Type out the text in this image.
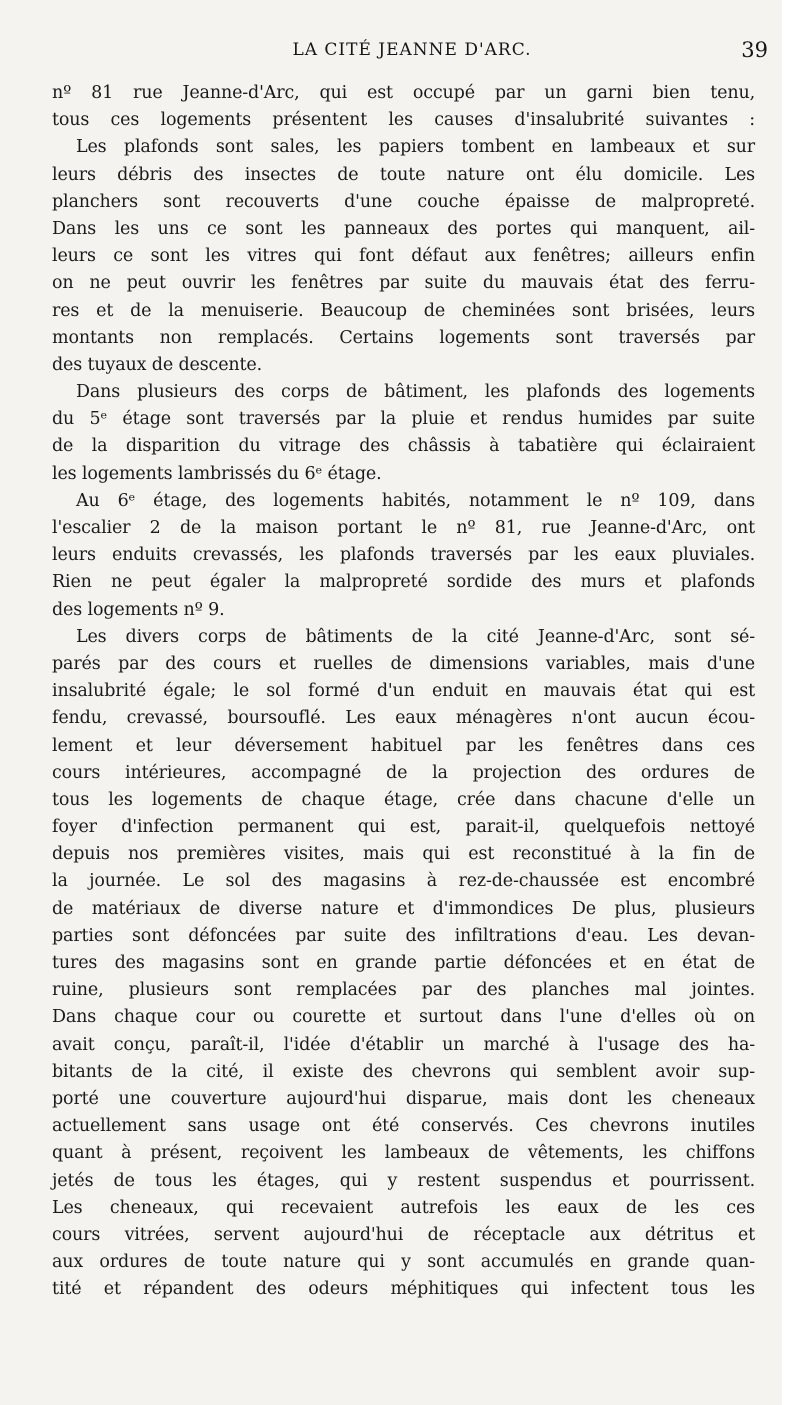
LA CITÉ JEANNE D'ARC.	39
nº 81 rue Jeanne-d'Arc, qui est occupé par un garni bien tenu,
tous ces logements présentent les causes d'insalubrité suivantes :
Les plafonds sont sales, les papiers tombent en lambeaux et sur
leurs débris des insectes de toute nature ont élu domicile. Les
planchers sont recouverts d'une couche épaisse de malpropreté.
Dans les uns ce sont les panneaux des portes qui manquent, ail-
leurs ce sont les vitres qui font défaut aux fenêtres; ailleurs enfin
on ne peut ouvrir les fenêtres par suite du mauvais état des ferru-
res et de la menuiserie. Beaucoup de cheminées sont brisées, leurs
montants non remplacés. Certains logements sont traversés par
des tuyaux de descente.
Dans plusieurs des corps de bâtiment, les plafonds des logements
du 5ᵉ étage sont traversés par la pluie et rendus humides par suite
de la disparition du vitrage des châssis à tabatière qui éclairaient
les logements lambrissés du 6ᵉ étage.
Au 6ᵉ étage, des logements habités, notamment le nº 109, dans
l'escalier 2 de la maison portant le nº 81, rue Jeanne-d'Arc, ont
leurs enduits crevassés, les plafonds traversés par les eaux pluviales.
Rien ne peut égaler la malpropreté sordide des murs et plafonds
des logements nº 9.
Les divers corps de bâtiments de la cité Jeanne-d'Arc, sont sé-
parés par des cours et ruelles de dimensions variables, mais d'une
insalubrité égale; le sol formé d'un enduit en mauvais état qui est
fendu, crevassé, boursouflé. Les eaux ménagères n'ont aucun écou-
lement et leur déversement habituel par les fenêtres dans ces
cours intérieures, accompagné de la projection des ordures de
tous les logements de chaque étage, crée dans chacune d'elle un
foyer d'infection permanent qui est, parait-il, quelquefois nettoyé
depuis nos premières visites, mais qui est reconstitué à la fin de
la journée. Le sol des magasins à rez-de-chaussée est encombré
de matériaux de diverse nature et d'immondices De plus, plusieurs
parties sont défoncées par suite des infiltrations d'eau. Les devan-
tures des magasins sont en grande partie défoncées et en état de
ruine, plusieurs sont remplacées par des planches mal jointes.
Dans chaque cour ou courette et surtout dans l'une d'elles où on
avait conçu, paraît-il, l'idée d'établir un marché à l'usage des ha-
bitants de la cité, il existe des chevrons qui semblent avoir sup-
porté une couverture aujourd'hui disparue, mais dont les cheneaux
actuellement sans usage ont été conservés. Ces chevrons inutiles
quant à présent, reçoivent les lambeaux de vêtements, les chiffons
jetés de tous les étages, qui y restent suspendus et pourrissent.
Les cheneaux, qui recevaient autrefois les eaux de les ces
cours vitrées, servent aujourd'hui de réceptacle aux détritus et
aux ordures de toute nature qui y sont accumulés en grande quan-
tité et répandent des odeurs méphitiques qui infectent tous les
